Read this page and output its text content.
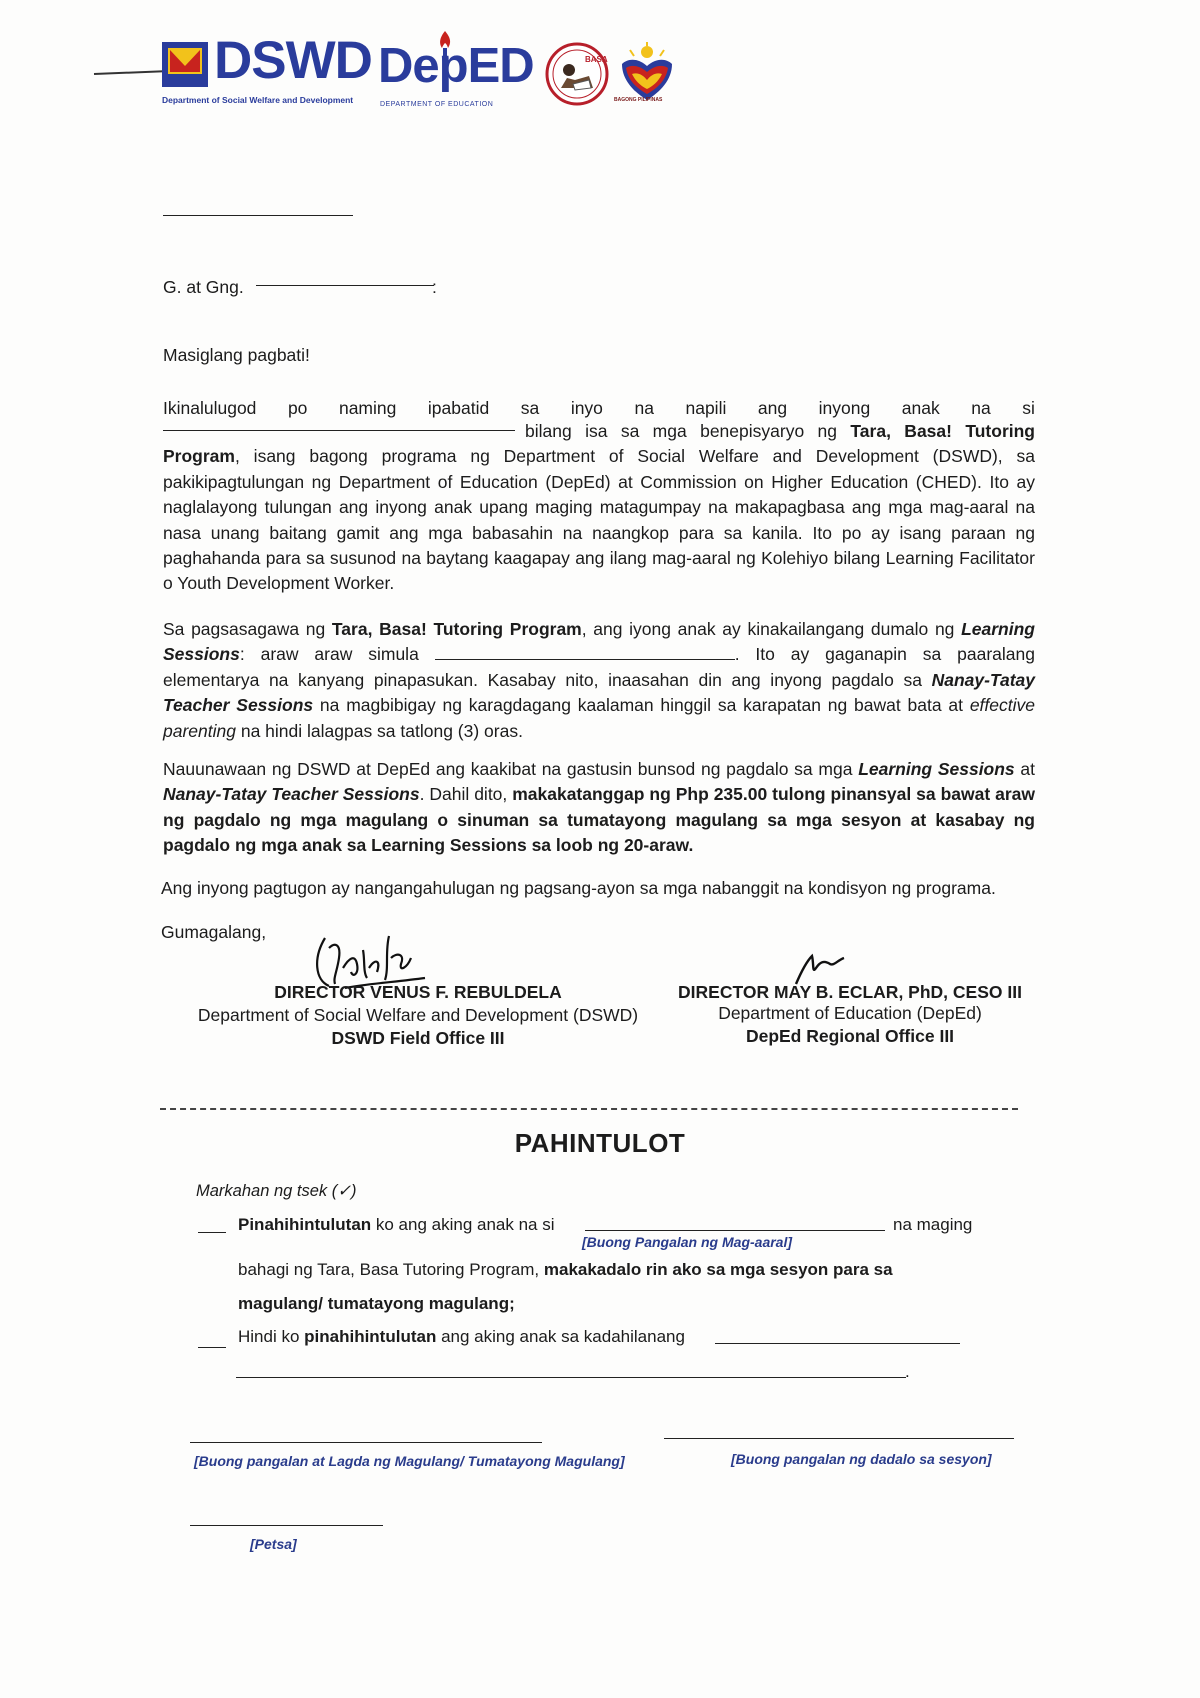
DSWD
Department of Social Welfare and Development
DepED
DEPARTMENT OF EDUCATION
BASA
BAGONG PILIPINAS
G. at Gng.	:
Masiglang pagbati!
Ikinalulugod po naming ipabatid sa inyo na napili ang inyong anak na si
bilang isa sa mga benepisyaryo ng Tara, Basa! Tutoring Program, isang bagong programa ng Department of Social Welfare and Development (DSWD), sa pakikipagtulungan ng Department of Education (DepEd) at Commission on Higher Education (CHED). Ito ay naglalayong tulungan ang inyong anak upang maging matagumpay na makapagbasa ang mga mag-aaral na nasa unang baitang gamit ang mga babasahin na naangkop para sa kanila. Ito po ay isang paraan ng paghahanda para sa susunod na baytang kaagapay ang ilang mag-aaral ng Kolehiyo bilang Learning Facilitator o Youth Development Worker.
Sa pagsasagawa ng Tara, Basa! Tutoring Program, ang iyong anak ay kinakailangang dumalo ng Learning Sessions: araw araw simula	. Ito ay gaganapin sa paaralang elementarya na kanyang pinapasukan. Kasabay nito, inaasahan din ang inyong pagdalo sa Nanay-Tatay Teacher Sessions na magbibigay ng karagdagang kaalaman hinggil sa karapatan ng bawat bata at effective parenting na hindi lalagpas sa tatlong (3) oras.
Nauunawaan ng DSWD at DepEd ang kaakibat na gastusin bunsod ng pagdalo sa mga Learning Sessions at Nanay-Tatay Teacher Sessions. Dahil dito, makakatanggap ng Php 235.00 tulong pinansyal sa bawat araw ng pagdalo ng mga magulang o sinuman sa tumatayong magulang sa mga sesyon at kasabay ng pagdalo ng mga anak sa Learning Sessions sa loob ng 20-araw.
Ang inyong pagtugon ay nangangahulugan ng pagsang-ayon sa mga nabanggit na kondisyon ng programa.
Gumagalang,
DIRECTOR VENUS F. REBULDELA
Department of Social Welfare and Development (DSWD)
DSWD Field Office III
DIRECTOR MAY B. ECLAR, PhD, CESO III
Department of Education (DepEd)
DepEd Regional Office III
PAHINTULOT
Markahan ng tsek (✓)
Pinahihintulutan ko ang aking anak na si	na maging
[Buong Pangalan ng Mag-aaral]
bahagi ng Tara, Basa Tutoring Program, makakadalo rin ako sa mga sesyon para sa
magulang/ tumatayong magulang;
Hindi ko pinahihintulutan ang aking anak sa kadahilanang
.
[Buong pangalan at Lagda ng Magulang/ Tumatayong Magulang]	[Buong pangalan ng dadalo sa sesyon]
[Petsa]
